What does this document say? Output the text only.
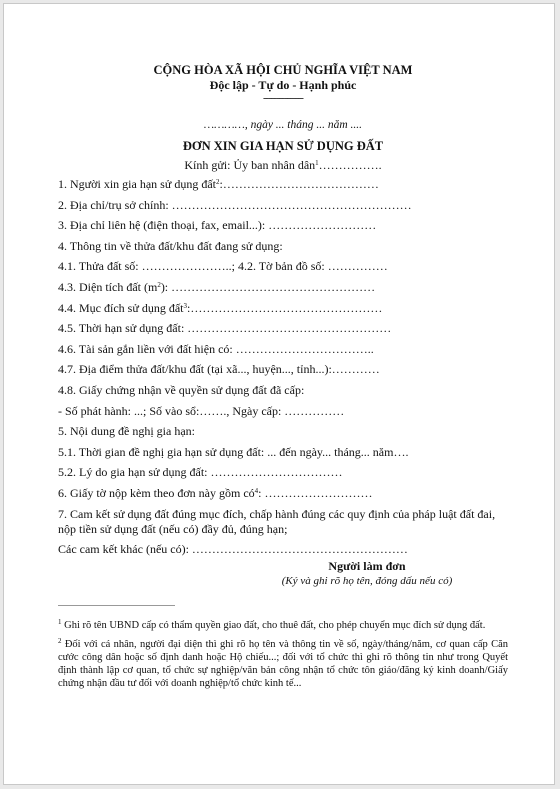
CỘNG HÒA XÃ HỘI CHỦ NGHĨA VIỆT NAM
Độc lập - Tự do - Hạnh phúc
---------------
…………, ngày ... tháng ... năm ....
ĐƠN XIN GIA HẠN SỬ DỤNG ĐẤT
Kính gửi: Ủy ban nhân dân$^1$…………….

1. Người xin gia hạn sử dụng đất$^2$:…………………………………

2. Địa chỉ/trụ sở chính: ……………………………………………………

3. Địa chỉ liên hệ (điện thoại, fax, email...): ………………………

4. Thông tin về thửa đất/khu đất đang sử dụng:

4.1. Thửa đất số: …………………..; 4.2. Tờ bản đồ số: ……………

4.3. Diện tích đất $(m^2)$: ……………………………………………

4.4. Mục đích sử dụng đất$^3$:…………………………………………

4.5. Thời hạn sử dụng đất: ……………………………………………

4.6. Tài sản gắn liền với đất hiện có: ……………………………..

4.7. Địa điểm thửa đất/khu đất (tại xã..., huyện..., tỉnh...):…………

4.8. Giấy chứng nhận về quyền sử dụng đất đã cấp:

- Số phát hành: ...; Số vào sổ:……., Ngày cấp: ……………

5. Nội dung đề nghị gia hạn:

5.1. Thời gian đề nghị gia hạn sử dụng đất: ... đến ngày... tháng... năm….

5.2. Lý do gia hạn sử dụng đất: ……………………………

6. Giấy tờ nộp kèm theo đơn này gồm $có^4$: ………………………

7. Cam kết sử dụng đất đúng mục đích, chấp hành đúng các quy định của pháp luật đất đai, nộp tiền sử dụng đất (nếu có) đầy đủ, đúng hạn;

Các cam kết khác (nếu có): ………………………………………………

Người làm đơn
(Ký và ghi rõ họ tên, đóng dấu nếu có)

$^1$ Ghi rõ tên UBND cấp có thẩm quyền giao đất, cho thuê đất, cho phép chuyển mục đích sử dụng đất.

$^2$ Đối với cá nhân, người đại diện thì ghi rõ họ tên và thông tin về số, ngày/tháng/năm, cơ quan cấp Căn cước công dân hoặc số định danh hoặc Hộ chiếu...; đối với tổ chức thì ghi rõ thông tin như trong Quyết định thành lập cơ quan, tổ chức sự nghiệp/văn bản công nhận tổ chức tôn giáo/đăng ký kinh doanh/Giấy chứng nhận đầu tư đối với doanh nghiệp/tổ chức kinh tế...
